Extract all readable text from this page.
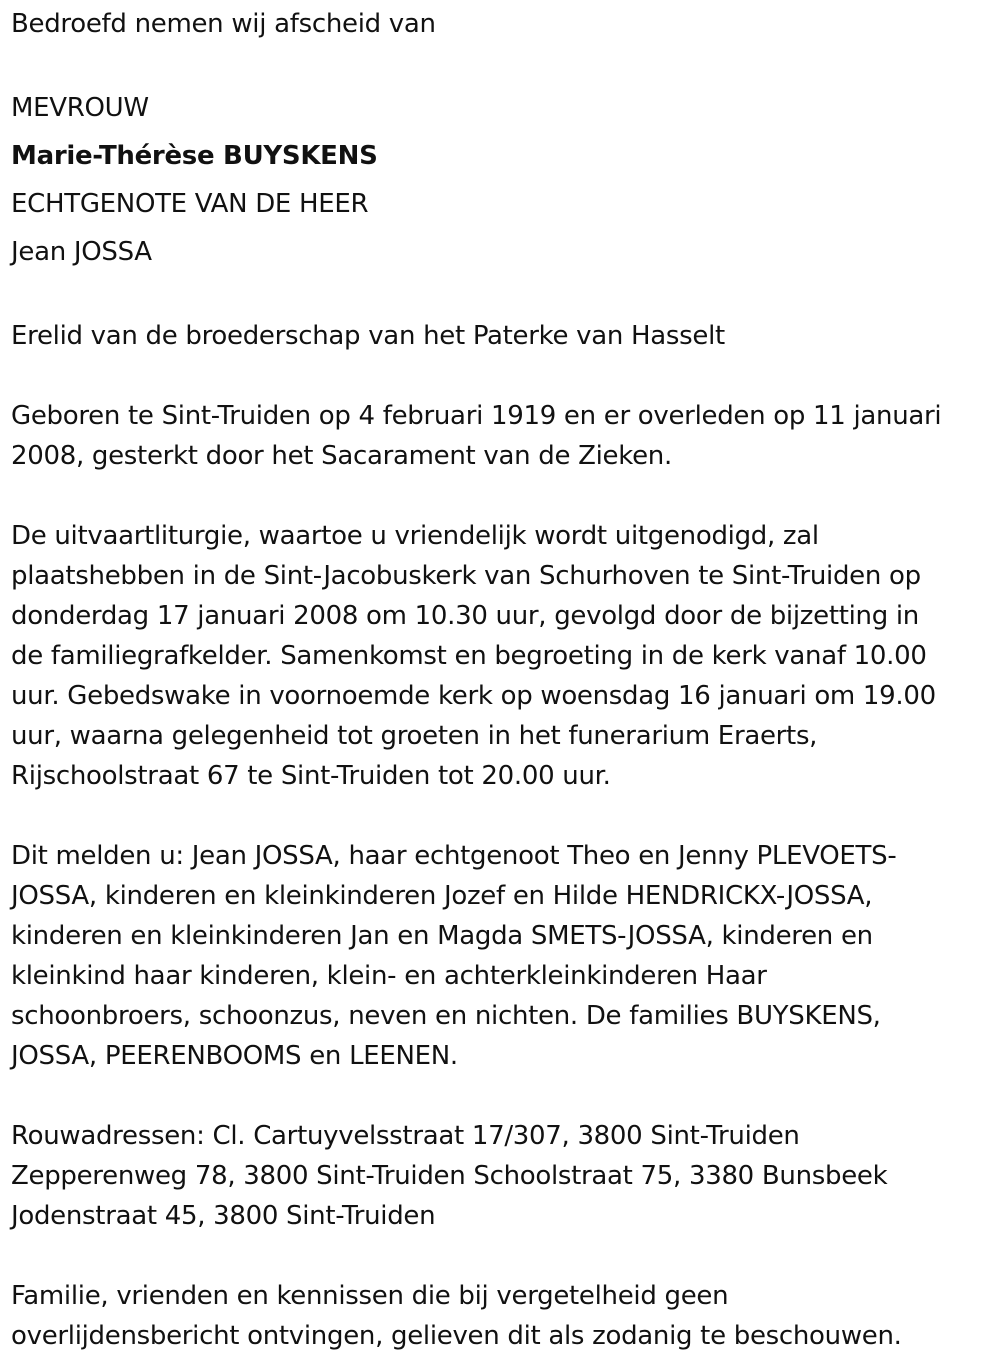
Bedroefd nemen wij afscheid van
MEVROUW
Marie-Thérèse BUYSKENS
ECHTGENOTE VAN DE HEER
Jean JOSSA
Erelid van de broederschap van het Paterke van Hasselt
Geboren te Sint-Truiden op 4 februari 1919 en er overleden op 11 januari
2008, gesterkt door het Sacarament van de Zieken.
De uitvaartliturgie, waartoe u vriendelijk wordt uitgenodigd, zal
plaatshebben in de Sint-Jacobuskerk van Schurhoven te Sint-Truiden op
donderdag 17 januari 2008 om 10.30 uur, gevolgd door de bijzetting in
de familiegrafkelder. Samenkomst en begroeting in de kerk vanaf 10.00
uur. Gebedswake in voornoemde kerk op woensdag 16 januari om 19.00
uur, waarna gelegenheid tot groeten in het funerarium Eraerts,
Rijschoolstraat 67 te Sint-Truiden tot 20.00 uur.
Dit melden u: Jean JOSSA, haar echtgenoot Theo en Jenny PLEVOETS-
JOSSA, kinderen en kleinkinderen Jozef en Hilde HENDRICKX-JOSSA,
kinderen en kleinkinderen Jan en Magda SMETS-JOSSA, kinderen en
kleinkind haar kinderen, klein- en achterkleinkinderen Haar
schoonbroers, schoonzus, neven en nichten. De families BUYSKENS,
JOSSA, PEERENBOOMS en LEENEN.
Rouwadressen: Cl. Cartuyvelsstraat 17/307, 3800 Sint-Truiden
Zepperenweg 78, 3800 Sint-Truiden Schoolstraat 75, 3380 Bunsbeek
Jodenstraat 45, 3800 Sint-Truiden
Familie, vrienden en kennissen die bij vergetelheid geen
overlijdensbericht ontvingen, gelieven dit als zodanig te beschouwen.
